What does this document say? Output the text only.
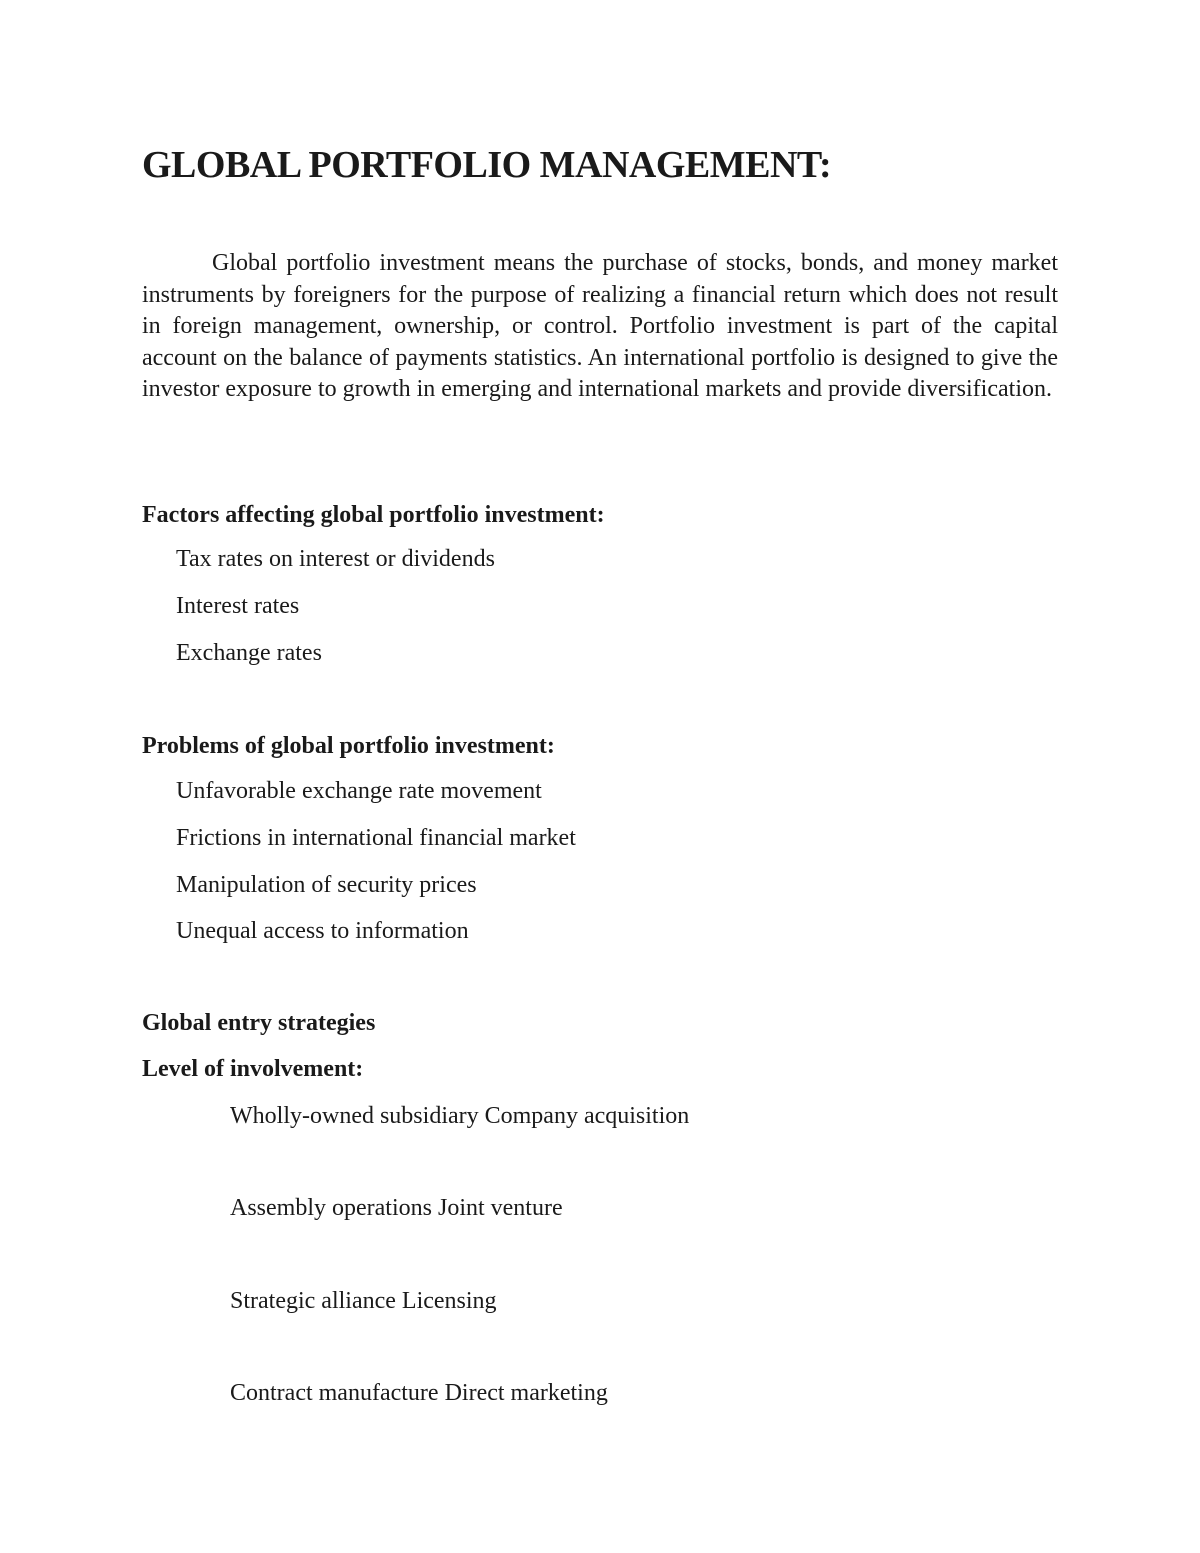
GLOBAL PORTFOLIO MANAGEMENT:

Global portfolio investment means the purchase of stocks, bonds, and money market instruments by foreigners for the purpose of realizing a financial return which does not result in foreign management, ownership, or control. Portfolio investment is part of the capital account on the balance of payments statistics. An international portfolio is designed to give the investor exposure to growth in emerging and international markets and provide diversification.

Factors affecting global portfolio investment:

Tax rates on interest or dividends

Interest rates

Exchange rates

Problems of global portfolio investment:

Unfavorable exchange rate movement

Frictions in international financial market

Manipulation of security prices

Unequal access to information

Global entry strategies
Level of involvement:

Wholly-owned subsidiary Company acquisition

Assembly operations Joint venture

Strategic alliance Licensing

Contract manufacture Direct marketing
